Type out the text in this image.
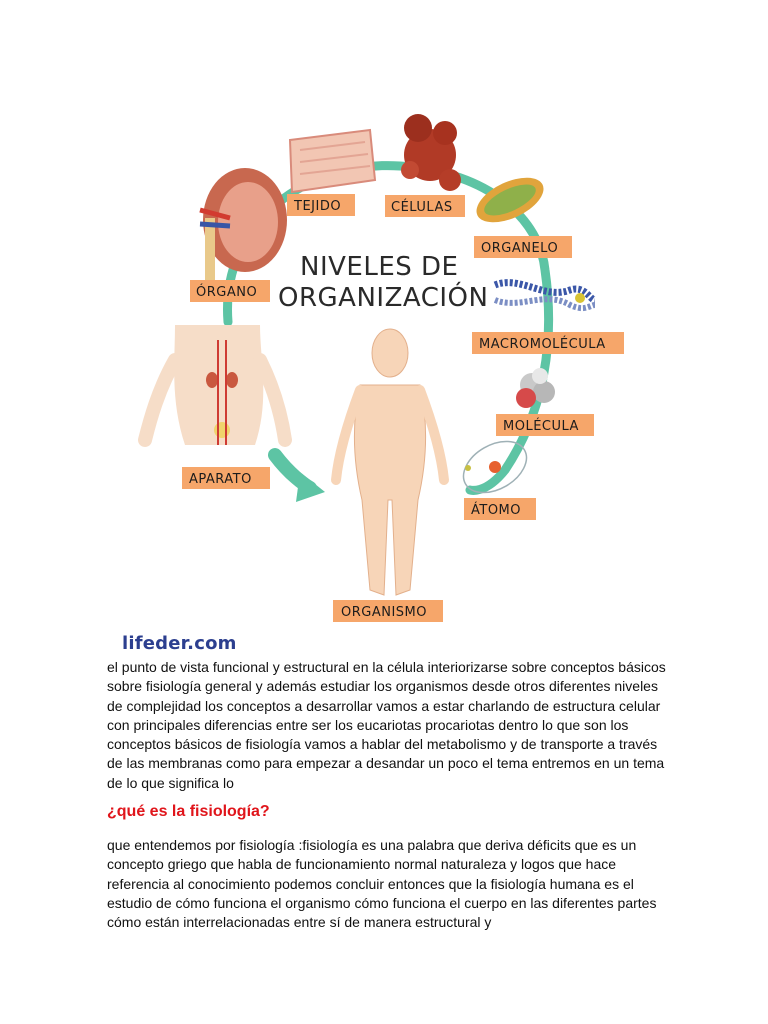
NIVELES DE
ORGANIZACIÓN
TEJIDO	CÉLULAS
ORGANELO
ÓRGANO
MACROMOLÉCULA
MOLÉCULA
APARATO
ÁTOMO
ORGANISMO
lifeder.com

el punto de vista funcional y estructural en la célula interiorizarse sobre conceptos básicos sobre fisiología general y además estudiar los organismos desde otros diferentes niveles de complejidad los conceptos a desarrollar vamos a estar charlando de estructura celular con principales diferencias entre ser los eucariotas procariotas dentro lo que son los conceptos básicos de fisiología vamos a hablar del metabolismo y de transporte a través de las membranas como para empezar a desandar un poco el tema entremos en un tema de lo que significa lo

¿qué es la fisiología?

que entendemos por fisiología :fisiología es una palabra que deriva déficits que es un concepto griego que habla de funcionamiento normal naturaleza y logos que hace referencia al conocimiento podemos concluir entonces que la fisiología humana es el estudio de cómo funciona el organismo cómo funciona el cuerpo en las diferentes partes cómo están interrelacionadas entre sí de manera estructural y
